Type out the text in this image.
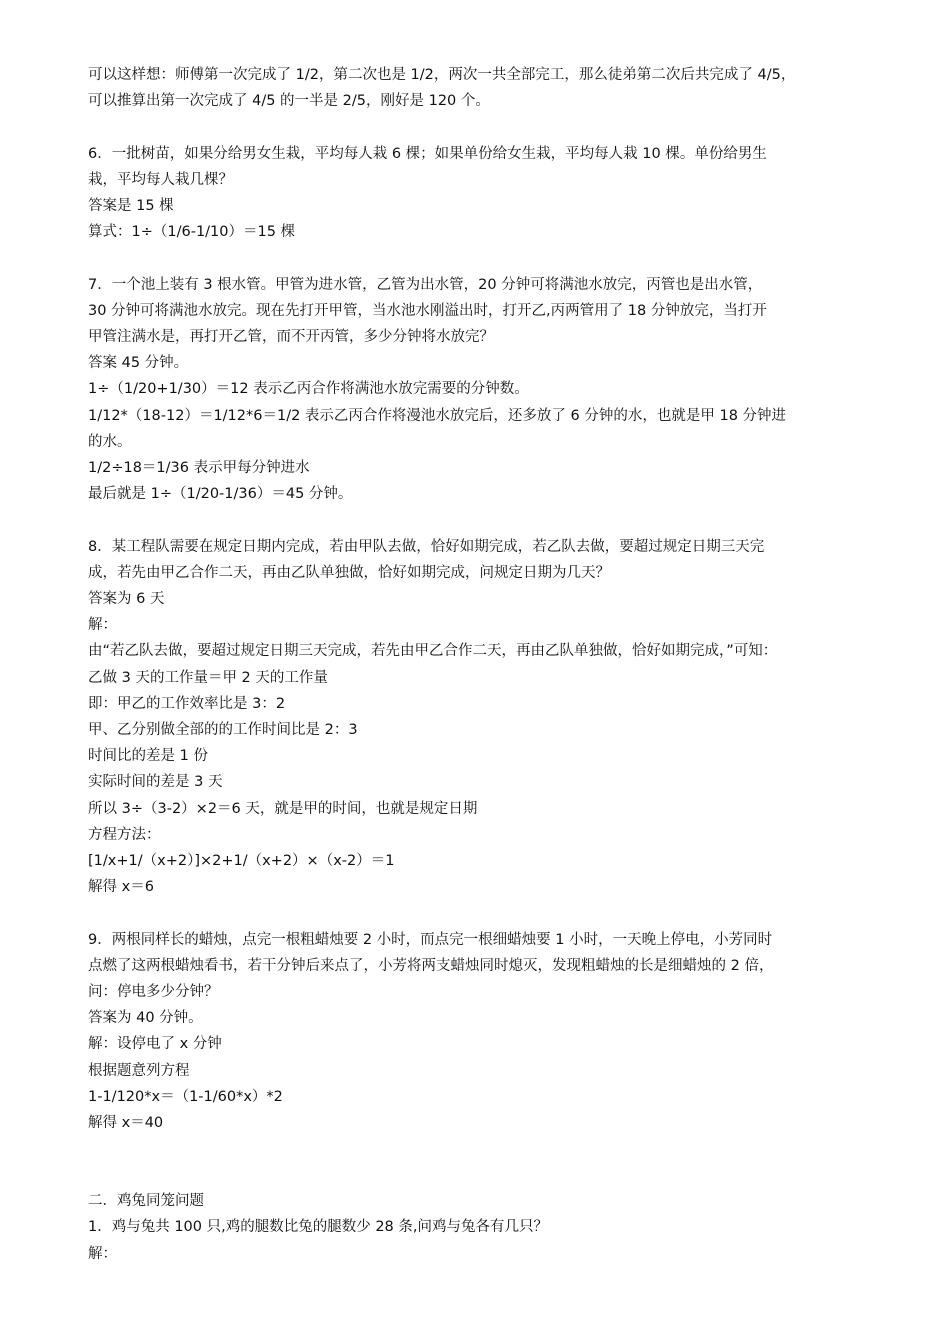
可以这样想：师傅第一次完成了 1/2，第二次也是 1/2，两次一共全部完工，那么徒弟第二次后共完成了 4/5，
可以推算出第一次完成了 4/5 的一半是 2/5，刚好是 120 个。
6．一批树苗，如果分给男女生栽，平均每人栽 6 棵；如果单份给女生栽，平均每人栽 10 棵。单份给男生
栽，平均每人栽几棵？
答案是 15 棵
算式：1÷（1/6-1/10）＝15 棵
7．一个池上装有 3 根水管。甲管为进水管，乙管为出水管，20 分钟可将满池水放完，丙管也是出水管，
30 分钟可将满池水放完。现在先打开甲管，当水池水刚溢出时，打开乙,丙两管用了 18 分钟放完，当打开
甲管注满水是，再打开乙管，而不开丙管，多少分钟将水放完？
答案 45 分钟。
1÷（1/20+1/30）＝12 表示乙丙合作将满池水放完需要的分钟数。
1/12*（18-12）＝1/12*6＝1/2 表示乙丙合作将漫池水放完后，还多放了 6 分钟的水，也就是甲 18 分钟进
的水。
1/2÷18＝1/36 表示甲每分钟进水
最后就是 1÷（1/20-1/36）＝45 分钟。
8．某工程队需要在规定日期内完成，若由甲队去做，恰好如期完成，若乙队去做，要超过规定日期三天完
成，若先由甲乙合作二天，再由乙队单独做，恰好如期完成，问规定日期为几天？
答案为 6 天
解：
由“若乙队去做，要超过规定日期三天完成，若先由甲乙合作二天，再由乙队单独做，恰好如期完成，”可知：
乙做 3 天的工作量＝甲 2 天的工作量
即：甲乙的工作效率比是 3：2
甲、乙分别做全部的的工作时间比是 2：3
时间比的差是 1 份
实际时间的差是 3 天
所以 3÷（3-2）×2＝6 天，就是甲的时间，也就是规定日期
方程方法：
[1/x+1/（x+2）]×2+1/（x+2）×（x-2）＝1
解得 x＝6
9．两根同样长的蜡烛，点完一根粗蜡烛要 2 小时，而点完一根细蜡烛要 1 小时，一天晚上停电，小芳同时
点燃了这两根蜡烛看书，若干分钟后来点了，小芳将两支蜡烛同时熄灭，发现粗蜡烛的长是细蜡烛的 2 倍，
问：停电多少分钟？
答案为 40 分钟。
解：设停电了 x 分钟
根据题意列方程
1-1/120*x＝（1-1/60*x）*2
解得 x＝40
二．鸡兔同笼问题
1．鸡与兔共 100 只,鸡的腿数比兔的腿数少 28 条,问鸡与兔各有几只？
解：
